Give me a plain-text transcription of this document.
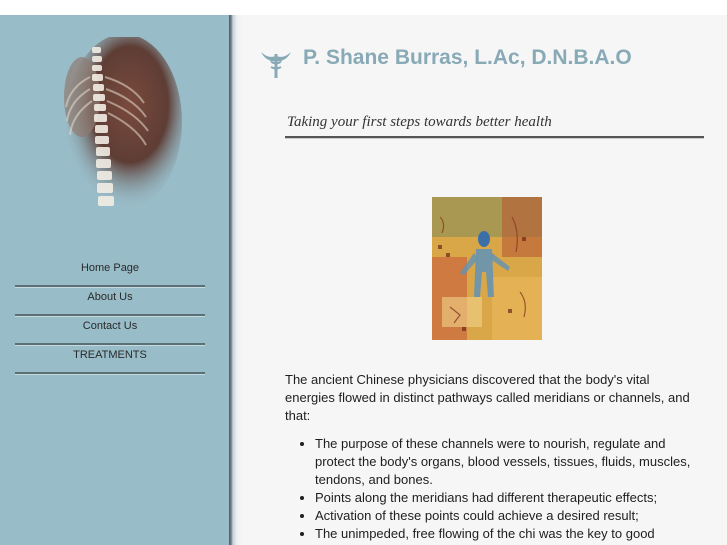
Home Page
About Us
Contact Us
TREATMENTS
P. Shane Burras, L.Ac, D.N.B.A.O
Taking your first steps towards better health

The ancient Chinese physicians discovered that the body's vital energies flowed in distinct pathways called meridians or channels, and that:

• The purpose of these channels were to nourish, regulate and protect the body's organs, blood vessels, tissues, fluids, muscles, tendons, and bones.
• Points along the meridians had different therapeutic effects;
• Activation of these points could achieve a desired result;
• The unimpeded, free flowing of the chi was the key to good
